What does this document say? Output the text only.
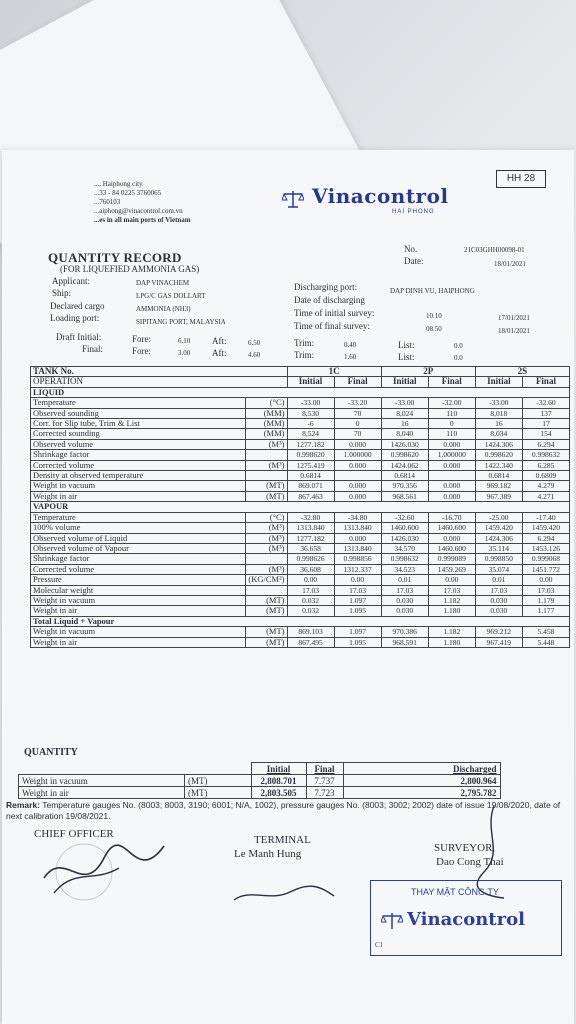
HH 28
..., Haiphong city
...33 - 84 0225 3760065
...760103
...aiphong@vinacontrol.com.vn
...es in all main ports of Vietnam
Vinacontrol
HAI PHONG
QUANTITY RECORD
(FOR LIQUEFIED AMMONIA GAS)
No.	21C03GHH00098-01
Date:	18/01/2021
Applicant:	DAP VINACHEM
Ship:	LPG/C GAS DOLLART
Declared cargo	AMMONIA (NH3)
Loading port:	SIPITANG PORT, MALAYSIA
Discharging port:	DAP DINH VU, HAIPHONG
Date of discharging
Time of initial survey:	10.10	17/01/2021
Time of final survey:	08.50	18/01/2021
Draft Initial:	Fore:	6.10 Aft:	6.50	Trim:	0.40	List:	0.0
Final:	Fore:	3.00 Aft:	4.60	Trim:	1.60	List:	0.0
TANK No.		1C		2P		2S	
OPERATION		Initial	Final	Initial	Final	Initial	Final
LIQUID							
Temperature	(°C)	-33.00	-33.20	-33.00	-32.00	-33.00	-32.60
Observed sounding	(MM)	8,530	70	8,024	110	8,018	137
Corr. for Slip tube, Trim & List	(MM)	-6	0	16	0	16	17
Corrected sounding	(MM)	8,524	70	8,040	110	8,034	154
Observed volume	(M³)	1277.182	0.000	1426.030	0.000	1424.306	6.294
Shrinkage factor		0.998620	1.000000	0.998620	1.000000	0.998620	0.998632
Corrected volume	(M³)	1275.419	0.000	1424.062	0.000	1422.340	6.285
Density at observed temperature		0.6814		0.6814		0.6814	0.6809
Weight in vacuum	(MT)	869.071	0.000	970.356	0.000	969.182	4.279
Weight in air	(MT)	867.463	0.000	968.561	0.000	967.389	4.271
VAPOUR							
Temperature	(°C)	-32.80	-34.80	-32.60	-16.70	-25.00	-17.40
100% volume	(M³)	1313.840	1313.840	1460.600	1460.600	1459.420	1459.420
Observed volume of Liquid	(M³)	1277.182	0.000	1426.030	0.000	1424.306	6.294
Observed volume of Vapour	(M³)	36.658	1313.840	34.570	1460.600	35.114	1453.126
Shrinkage factor		0.998626	0.998856	0.998632	0.999089	0.998850	0.999068
Corrected volume	(M³)	36.608	1312.337	34.523	1459.269	35.074	1451.772
Pressure	(KG/CM²)	0.00	0.00	0.01	0.00	0.01	0.00
Molecular weight		17.03	17.03	17.03	17.03	17.03	17.03
Weight in vacuum	(MT)	0.032	1.097	0.030	1.182	0.030	1.179
Weight in air	(MT)	0.032	1.095	0.030	1.180	0.030	1.177
Total Liquid + Vapour							
Weight in vacuum	(MT)	869.103	1.097	970.386	1.182	969.212	5.458
Weight in air	(MT)	867.495	1.095	968.591	1.180	967.419	5.448
QUANTITY
		Initial	Final	Discharged
Weight in vacuum	(MT)	2,808.701	7.737	2,800.964
Weight in air	(MT)	2,803.505	7.723	2,795.782
Remark: Temperature gauges No. (8003; 8003, 3190; 6001; N/A, 1002), pressure gauges No. (8003; 3002; 2002) date of issue 19/08/2020, date of next calibration 19/08/2021.
CHIEF OFFICER	TERMINAL
Le Manh Hung	SURVEYOR,
Dao Cong Thai
THAY MẶT CÔNG TY
Vinacontrol
C1
